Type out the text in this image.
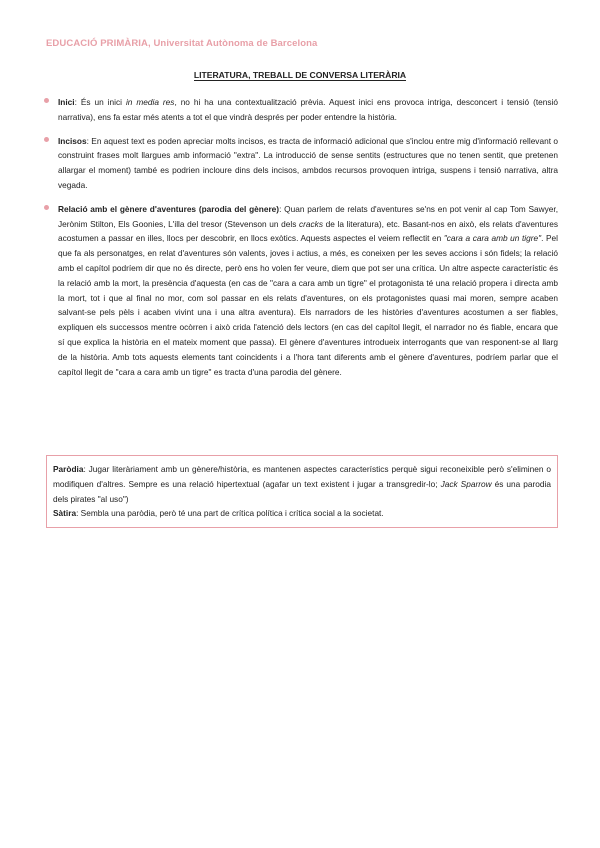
EDUCACIÓ PRIMÀRIA, Universitat Autònoma de Barcelona
LITERATURA, TREBALL DE CONVERSA LITERÀRIA
Inici: És un inici in media res, no hi ha una contextualització prèvia. Aquest inici ens provoca intriga, desconcert i tensió (tensió narrativa), ens fa estar més atents a tot el que vindrà després per poder entendre la història.
Incisos: En aquest text es poden apreciar molts incisos, es tracta de informació adicional que s'inclou entre mig d'informació rellevant o construint frases molt llargues amb informació "extra". La introducció de sense sentits (estructures que no tenen sentit, que pretenen allargar el moment) també es podrien incloure dins dels incisos, ambdos recursos provoquen intriga, suspens i tensió narrativa, altra vegada.
Relació amb el gènere d'aventures (parodia del gènere): Quan parlem de relats d'aventures se'ns en pot venir al cap Tom Sawyer, Jerònim Stilton, Els Goonies, L'illa del tresor (Stevenson un dels cracks de la literatura), etc. Basant-nos en això, els relats d'aventures acostumen a passar en illes, llocs per descobrir, en llocs exòtics. Aquests aspectes el veiem reflectit en "cara a cara amb un tigre". Pel que fa als personatges, en relat d'aventures són valents, joves i actius, a més, es coneixen per les seves accions i són fidels; la relació amb el capítol podríem dir que no és directe, però ens ho volen fer veure, diem que pot ser una crítica. Un altre aspecte característic és la relació amb la mort, la presència d'aquesta (en cas de "cara a cara amb un tigre" el protagonista té una relació propera i directa amb la mort, tot i que al final no mor, com sol passar en els relats d'aventures, on els protagonistes quasi mai moren, sempre acaben salvant-se pels pèls i acaben vivint una i una altra aventura). Els narradors de les històries d'aventures acostumen a ser fiables, expliquen els successos mentre ocòrren i això crida l'atenció dels lectors (en cas del capítol llegit, el narrador no és fiable, encara que sí que explica la història en el mateix moment que passa). El gènere d'aventures introdueix interrogants que van responent-se al llarg de la història. Amb tots aquests elements tant coincidents i a l'hora tant diferents amb el gènere d'aventures, podríem parlar que el capítol llegit de "cara a cara amb un tigre" es tracta d'una parodia del gènere.
Paròdia: Jugar literàriament amb un gènere/història, es mantenen aspectes característics perquè sigui reconeixible però s'eliminen o modifiquen d'altres. Sempre es una relació hipertextual (agafar un text existent i jugar a transgredir-lo; Jack Sparrow és una parodia dels pirates "al uso")
Sàtira: Sembla una paròdia, però té una part de crítica política i crítica social a la societat.
